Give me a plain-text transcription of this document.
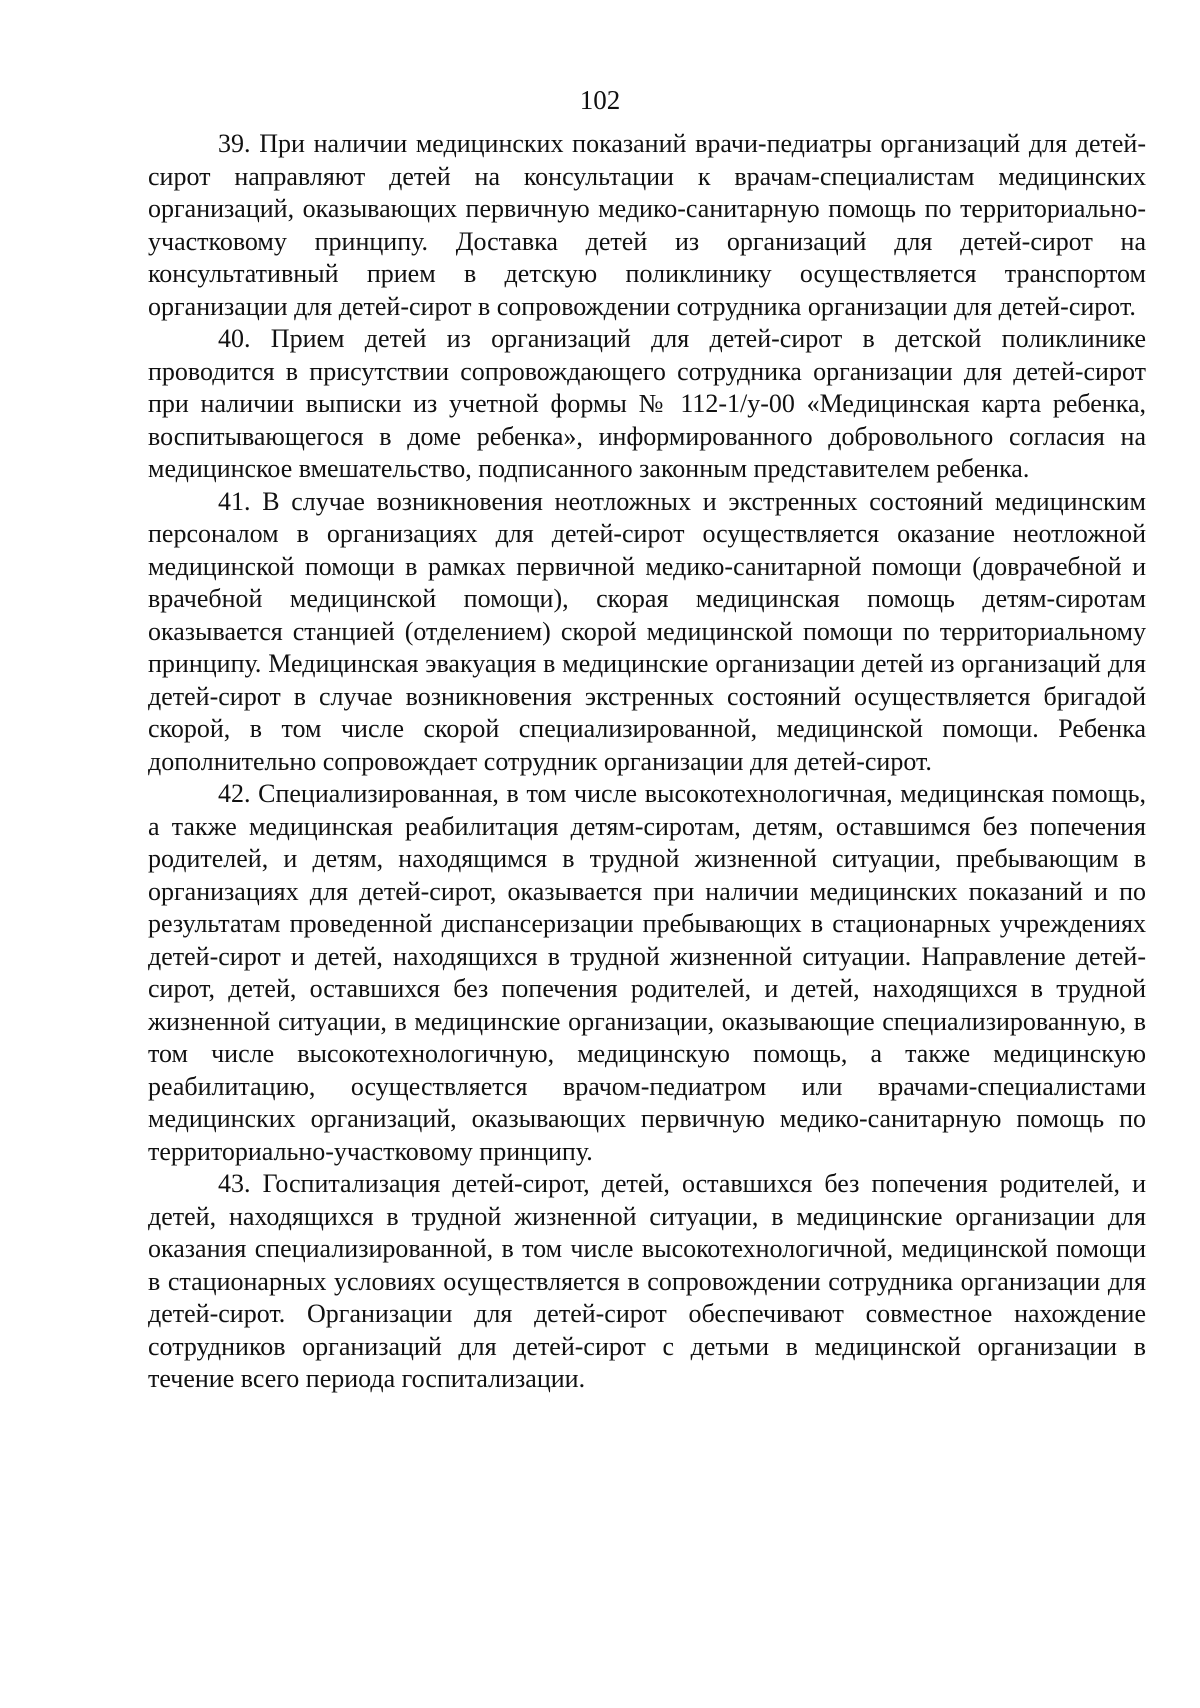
102

39. При наличии медицинских показаний врачи-педиатры организаций для детей-сирот направляют детей на консультации к врачам-специалистам медицинских организаций, оказывающих первичную медико-санитарную помощь по территориально-участковому принципу. Доставка детей из организаций для детей-сирот на консультативный прием в детскую поликлинику осуществляется транспортом организации для детей-сирот в сопровождении сотрудника организации для детей-сирот.

40. Прием детей из организаций для детей-сирот в детской поликлинике проводится в присутствии сопровождающего сотрудника организации для детей-сирот при наличии выписки из учетной формы № 112-1/у-00 «Медицинская карта ребенка, воспитывающегося в доме ребенка», информированного добровольного согласия на медицинское вмешательство, подписанного законным представителем ребенка.

41. В случае возникновения неотложных и экстренных состояний медицинским персоналом в организациях для детей-сирот осуществляется оказание неотложной медицинской помощи в рамках первичной медико-санитарной помощи (доврачебной и врачебной медицинской помощи), скорая медицинская помощь детям-сиротам оказывается станцией (отделением) скорой медицинской помощи по территориальному принципу. Медицинская эвакуация в медицинские организации детей из организаций для детей-сирот в случае возникновения экстренных состояний осуществляется бригадой скорой, в том числе скорой специализированной, медицинской помощи. Ребенка дополнительно сопровождает сотрудник организации для детей-сирот.

42. Специализированная, в том числе высокотехнологичная, медицинская помощь, а также медицинская реабилитация детям-сиротам, детям, оставшимся без попечения родителей, и детям, находящимся в трудной жизненной ситуации, пребывающим в организациях для детей-сирот, оказывается при наличии медицинских показаний и по результатам проведенной диспансеризации пребывающих в стационарных учреждениях детей-сирот и детей, находящихся в трудной жизненной ситуации. Направление детей-сирот, детей, оставшихся без попечения родителей, и детей, находящихся в трудной жизненной ситуации, в медицинские организации, оказывающие специализированную, в том числе высокотехнологичную, медицинскую помощь, а также медицинскую реабилитацию, осуществляется врачом-педиатром или врачами-специалистами медицинских организаций, оказывающих первичную медико-санитарную помощь по территориально-участковому принципу.

43. Госпитализация детей-сирот, детей, оставшихся без попечения родителей, и детей, находящихся в трудной жизненной ситуации, в медицинские организации для оказания специализированной, в том числе высокотехнологичной, медицинской помощи в стационарных условиях осуществляется в сопровождении сотрудника организации для детей-сирот. Организации для детей-сирот обеспечивают совместное нахождение сотрудников организаций для детей-сирот с детьми в медицинской организации в течение всего периода госпитализации.
